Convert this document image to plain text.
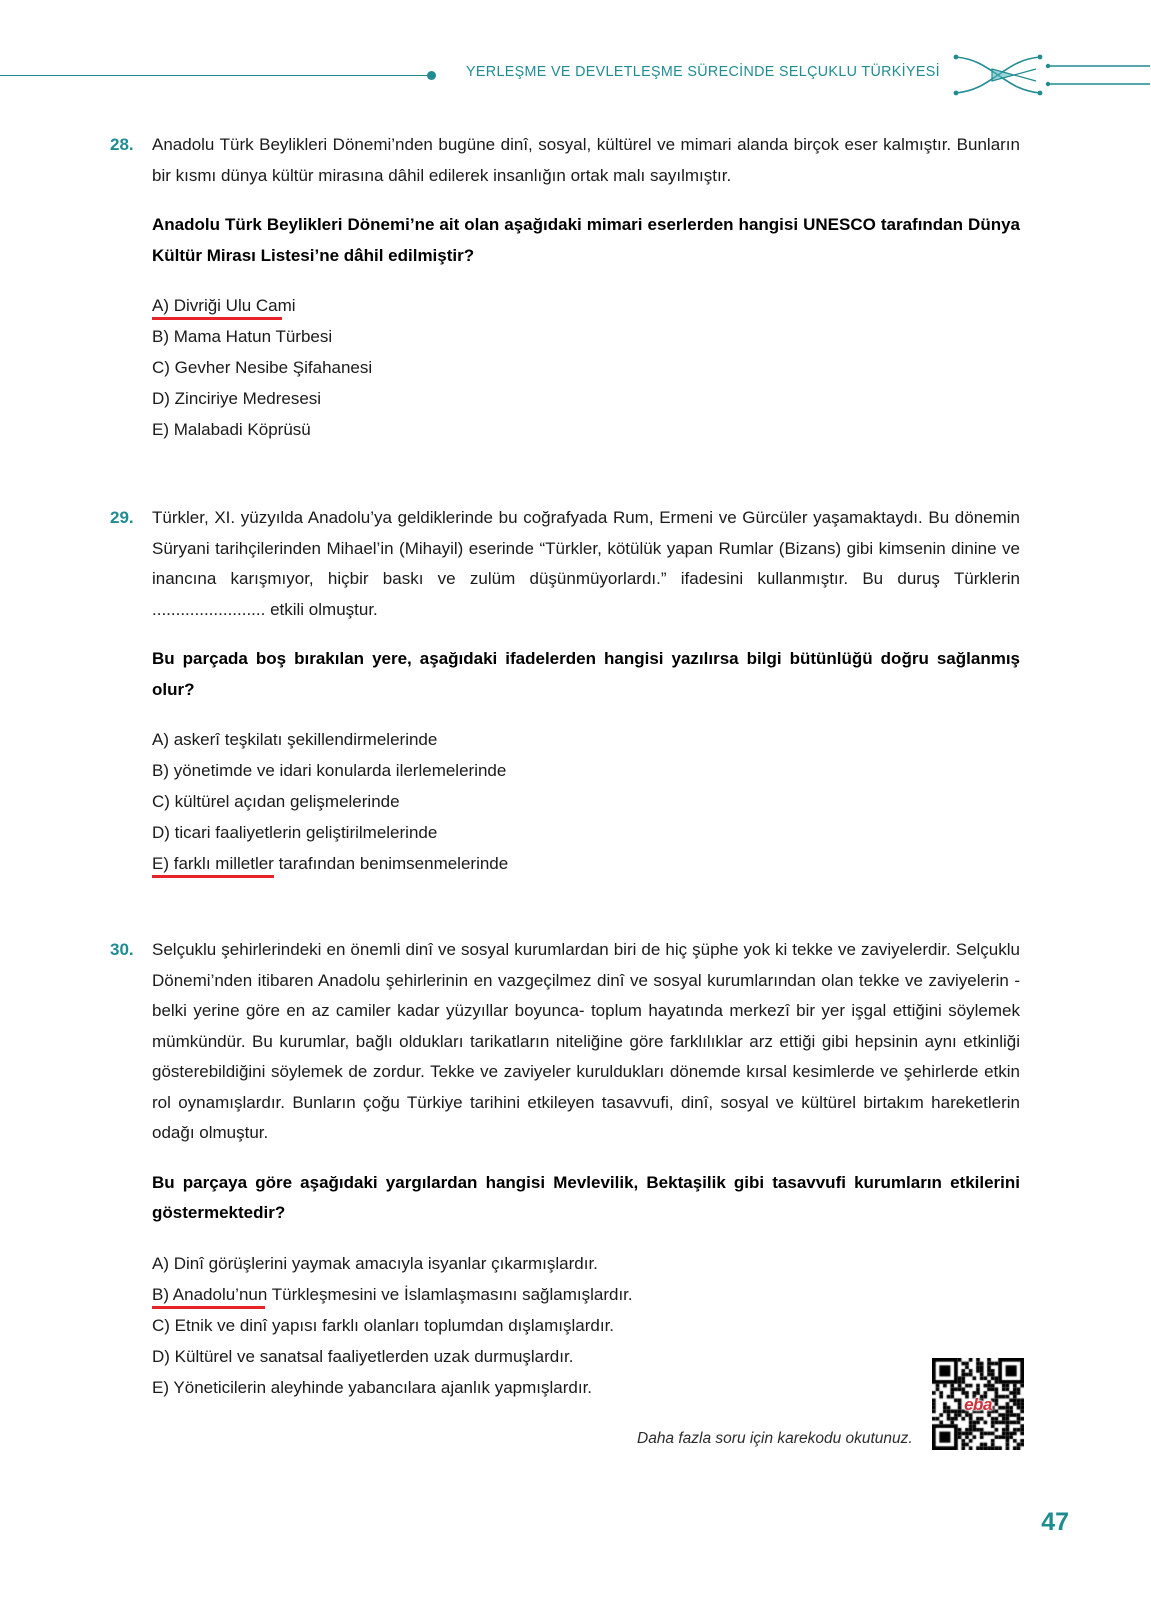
YERLEŞME VE DEVLETLEŞME SÜRECİNDE SELÇUKLU TÜRKİYESİ
28.	Anadolu Türk Beylikleri Dönemi’nden bugüne dinî, sosyal, kültürel ve mimari alanda birçok eser kalmıştır. Bunların bir kısmı dünya kültür mirasına dâhil edilerek insanlığın ortak malı sayılmıştır.
Anadolu Türk Beylikleri Dönemi’ne ait olan aşağıdaki mimari eserlerden hangisi UNESCO tarafından Dünya Kültür Mirası Listesi’ne dâhil edilmiştir?
A) Divriği Ulu Cami
B) Mama Hatun Türbesi
C) Gevher Nesibe Şifahanesi
D) Zinciriye Medresesi
E) Malabadi Köprüsü
29.	Türkler, XI. yüzyılda Anadolu’ya geldiklerinde bu coğrafyada Rum, Ermeni ve Gürcüler yaşamaktaydı. Bu dönemin Süryani tarihçilerinden Mihael’in (Mihayil) eserinde “Türkler, kötülük yapan Rumlar (Bizans) gibi kimsenin dinine ve inancına karışmıyor, hiçbir baskı ve zulüm düşünmüyorlardı.” ifadesini kullanmıştır. Bu duruş Türklerin ........................ etkili olmuştur.
Bu parçada boş bırakılan yere, aşağıdaki ifadelerden hangisi yazılırsa bilgi bütünlüğü doğru sağlanmış olur?
A) askerî teşkilatı şekillendirmelerinde
B) yönetimde ve idari konularda ilerlemelerinde
C) kültürel açıdan gelişmelerinde
D) ticari faaliyetlerin geliştirilmelerinde
E) farklı milletler tarafından benimsenmelerinde
30.	Selçuklu şehirlerindeki en önemli dinî ve sosyal kurumlardan biri de hiç şüphe yok ki tekke ve zaviyelerdir. Selçuklu Dönemi’nden itibaren Anadolu şehirlerinin en vazgeçilmez dinî ve sosyal kurumlarından olan tekke ve zaviyelerin -belki yerine göre en az camiler kadar yüzyıllar boyunca- toplum hayatında merkezî bir yer işgal ettiğini söylemek mümkündür. Bu kurumlar, bağlı oldukları tarikatların niteliğine göre farklılıklar arz ettiği gibi hepsinin aynı etkinliği gösterebildiğini söylemek de zordur. Tekke ve zaviyeler kuruldukları dönemde kırsal kesimlerde ve şehirlerde etkin rol oynamışlardır. Bunların çoğu Türkiye tarihini etkileyen tasavvufi, dinî, sosyal ve kültürel birtakım hareketlerin odağı olmuştur.
Bu parçaya göre aşağıdaki yargılardan hangisi Mevlevilik, Bektaşilik gibi tasavvufi kurumların etkilerini göstermektedir?
A) Dinî görüşlerini yaymak amacıyla isyanlar çıkarmışlardır.
B) Anadolu’nun Türkleşmesini ve İslamlaşmasını sağlamışlardır.
C) Etnik ve dinî yapısı farklı olanları toplumdan dışlamışlardır.
D) Kültürel ve sanatsal faaliyetlerden uzak durmuşlardır.
E) Yöneticilerin aleyhinde yabancılara ajanlık yapmışlardır.
Daha fazla soru için karekodu okutunuz.
eba
47
